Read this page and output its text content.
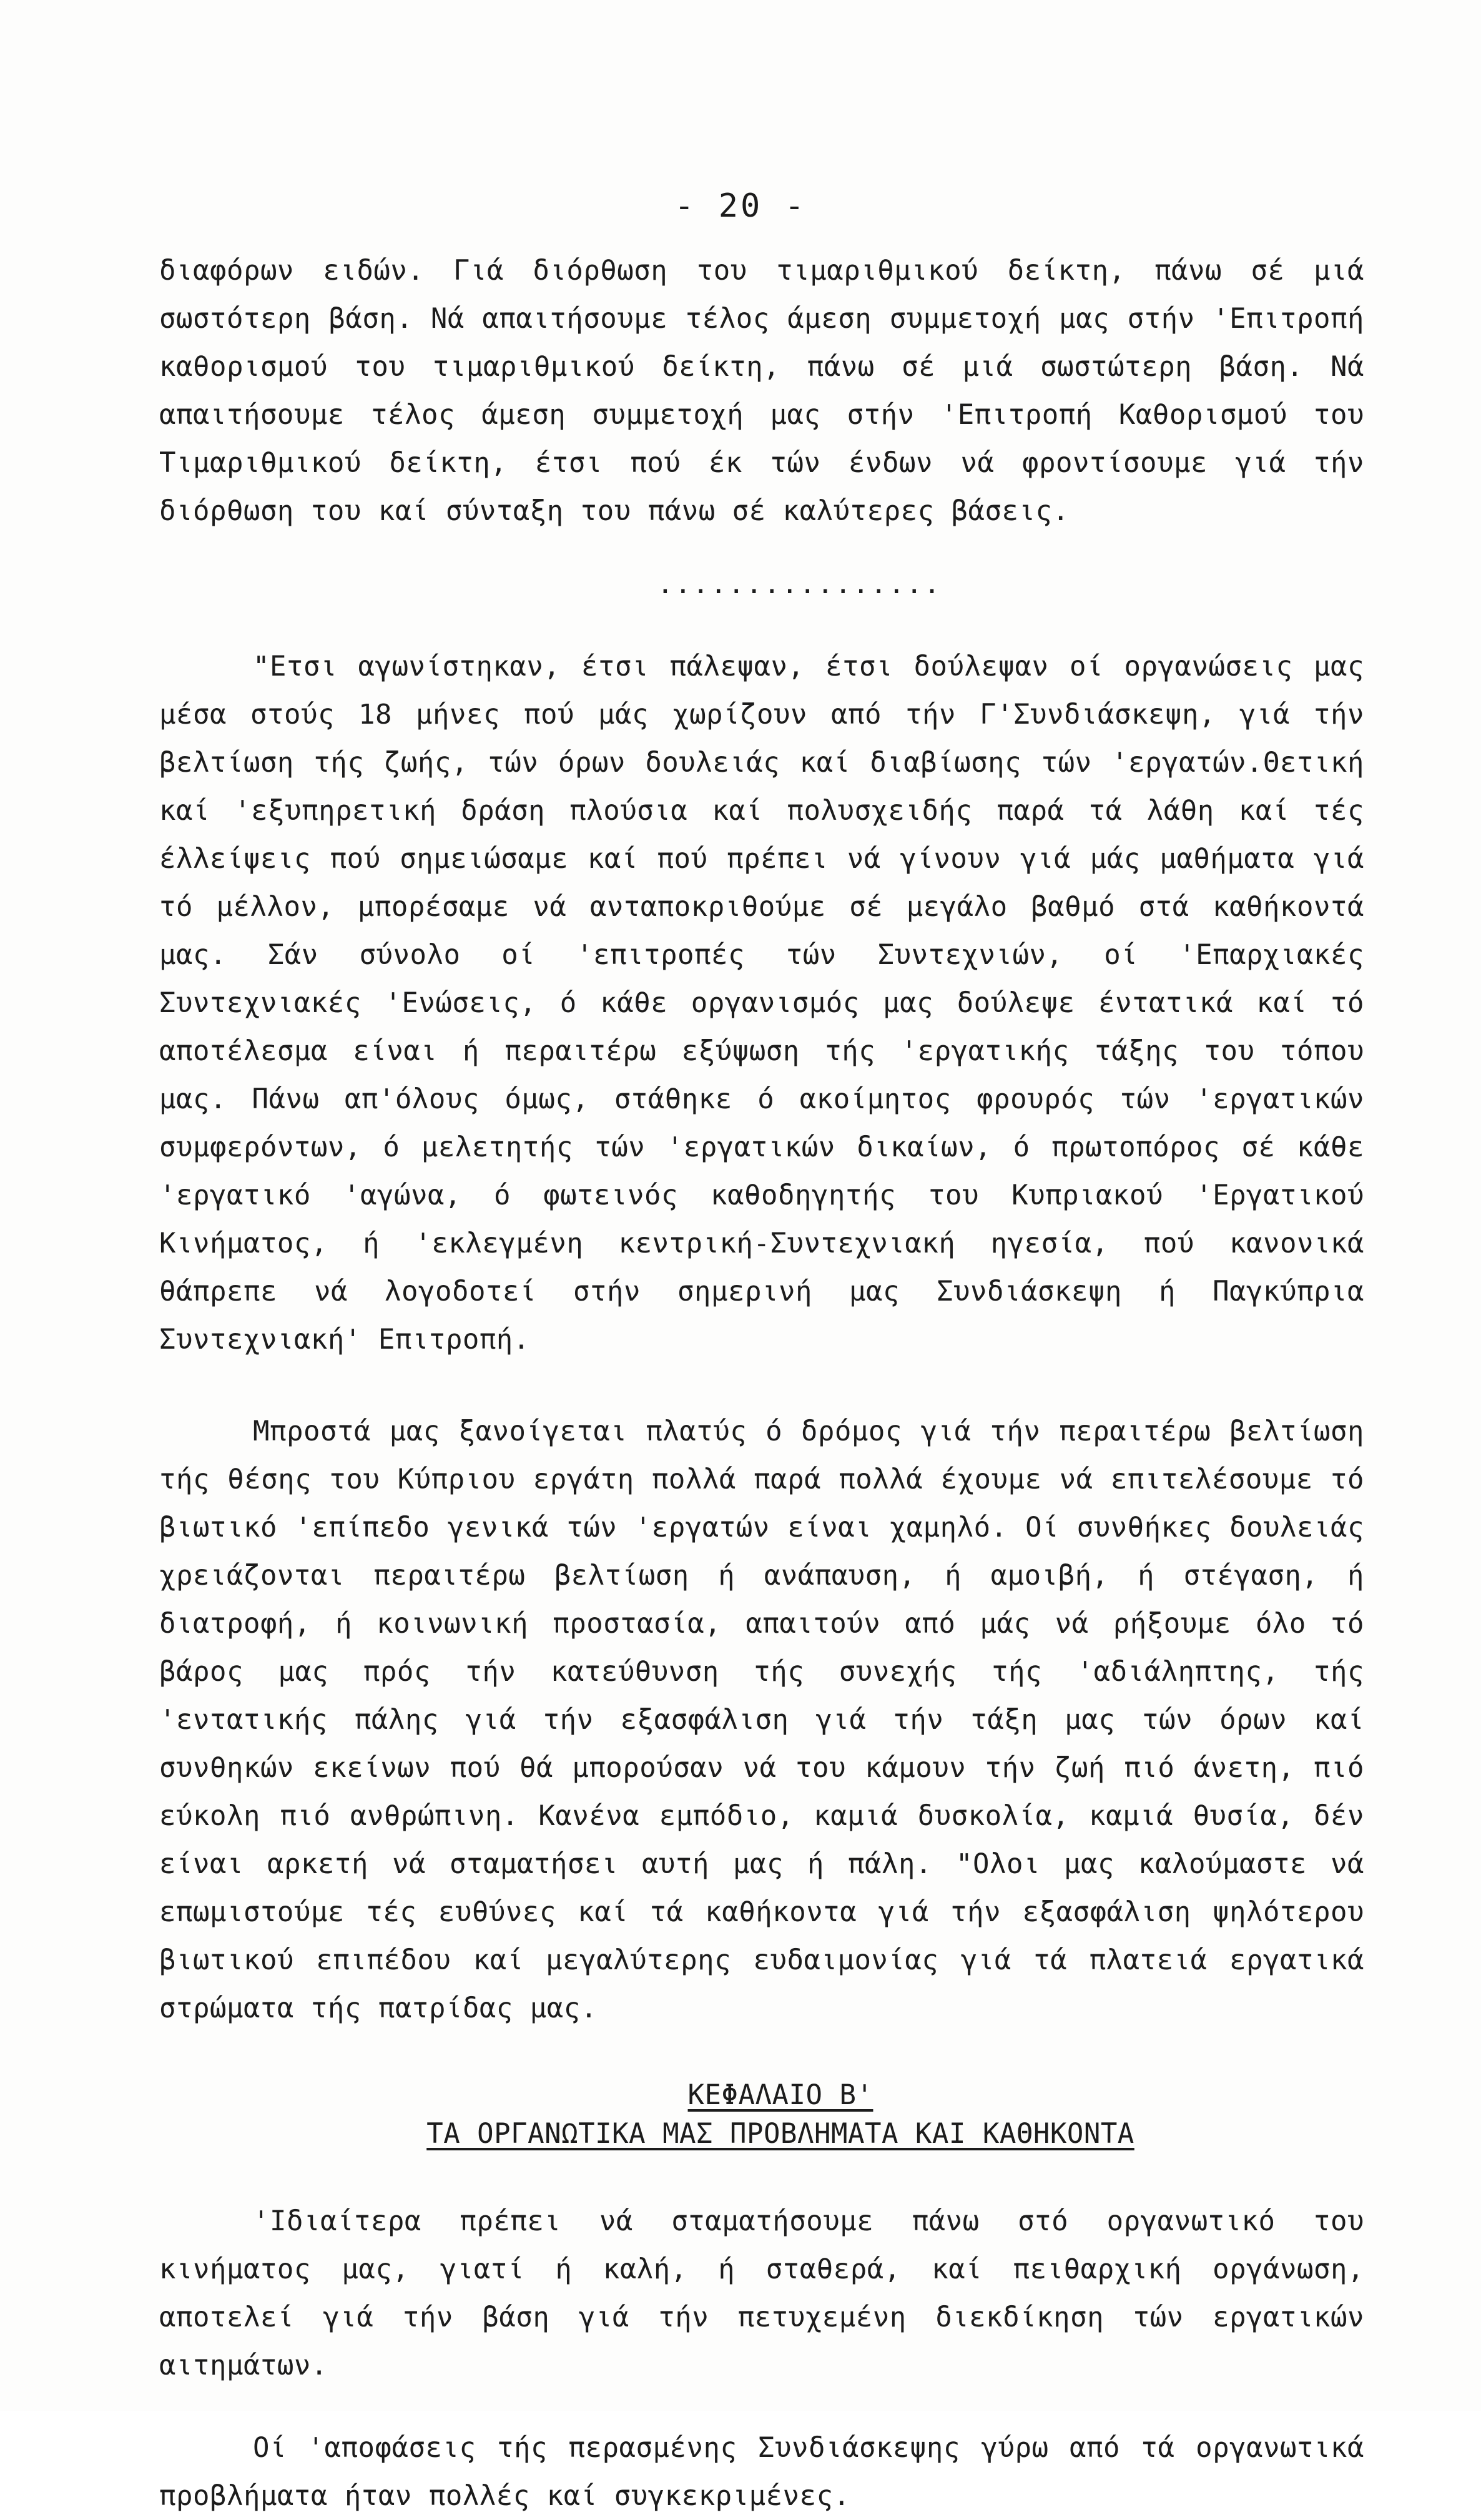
- 20 -

διαφόρων ειδών. Γιά διόρθωση του τιμαριθμικού δείκτη, πάνω σέ μιά σωστότερη βάση. Νά απαιτήσουμε τέλος άμεση συμμετοχή μας στήν 'Επιτροπή καθορισμού του τιμαριθμικού δείκτη, πάνω σέ μιά σωστώτερη βάση. Νά απαιτήσουμε τέλος άμεση συμμετοχή μας στήν 'Επιτροπή Καθορισμού του Τιμαριθμικού δείκτη, έτσι πού έκ τών ένδων νά φροντίσουμε γιά τήν διόρθωση του καί σύνταξη του πάνω σέ καλύτερες βάσεις.

................

"Ετσι αγωνίστηκαν, έτσι πάλεψαν, έτσι δούλεψαν οί οργανώσεις μας μέσα στούς 18 μήνες πού μάς χωρίζουν από τήν Γ'Συνδιάσκεψη, γιά τήν βελτίωση τής ζωής, τών όρων δουλειάς καί διαβίωσης τών 'εργατών.Θετική καί 'εξυπηρετική δράση πλούσια καί πολυσχειδής παρά τά λάθη καί τές έλλείψεις πού σημειώσαμε καί πού πρέπει νά γίνουν γιά μάς μαθήματα γιά τό μέλλον, μπορέσαμε νά ανταποκριθούμε σέ μεγάλο βαθμό στά καθήκοντά μας. Σάν σύνολο οί 'επιτροπές τών Συντεχνιών, οί 'Επαρχιακές Συντεχνιακές 'Ενώσεις, ό κάθε οργανισμός μας δούλεψε έντατικά καί τό αποτέλεσμα είναι ή περαιτέρω εξύψωση τής 'εργατικής τάξης του τόπου μας. Πάνω απ'όλους όμως, στάθηκε ό ακοίμητος φρουρός τών 'εργατικών συμφερόντων, ό μελετητής τών 'εργατικών δικαίων, ό πρωτοπόρος σέ κάθε 'εργατικό 'αγώνα, ό φωτεινός καθοδηγητής του Κυπριακού 'Εργατικού Κινήματος, ή 'εκλεγμένη κεντρική-Συντεχνιακή ηγεσία, πού κανονικά θάπρεπε νά λογοδοτεί στήν σημερινή μας Συνδιάσκεψη ή Παγκύπρια Συντεχνιακή' Επιτροπή.

Μπροστά μας ξανοίγεται πλατύς ό δρόμος γιά τήν περαιτέρω βελτίωση τής θέσης του Κύπριου εργάτη πολλά παρά πολλά έχουμε νά επιτελέσουμε τό βιωτικό 'επίπεδο γενικά τών 'εργατών είναι χαμηλό. Οί συνθήκες δουλειάς χρειάζονται περαιτέρω βελτίωση ή ανάπαυση, ή αμοιβή, ή στέγαση, ή διατροφή, ή κοινωνική προστασία, απαιτούν από μάς νά ρήξουμε όλο τό βάρος μας πρός τήν κατεύθυνση τής συνεχής τής 'αδιάληπτης, τής 'εντατικής πάλης γιά τήν εξασφάλιση γιά τήν τάξη μας τών όρων καί συνθηκών εκείνων πού θά μπορούσαν νά του κάμουν τήν ζωή πιό άνετη, πιό εύκολη πιό ανθρώπινη. Κανένα εμπόδιο, καμιά δυσκολία, καμιά θυσία, δέν είναι αρκετή νά σταματήσει αυτή μας ή πάλη. "Ολοι μας καλούμαστε νά επωμιστούμε τές ευθύνες καί τά καθήκοντα γιά τήν εξασφάλιση ψηλότερου βιωτικού επιπέδου καί μεγαλύτερης ευδαιμονίας γιά τά πλατειά εργατικά στρώματα τής πατρίδας μας.

ΚΕΦΑΛΑΙΟ Β'
ΤΑ ΟΡΓΑΝΩΤΙΚΑ ΜΑΣ ΠΡΟΒΛΗΜΑΤΑ ΚΑΙ ΚΑΘΗΚΟΝΤΑ

'Ιδιαίτερα πρέπει νά σταματήσουμε πάνω στό οργανωτικό του κινήματος μας, γιατί ή καλή, ή σταθερά, καί πειθαρχική οργάνωση, αποτελεί γιά τήν βάση γιά τήν πετυχεμένη διεκδίκηση τών εργατικών αιτημάτων.

Οί 'αποφάσεις τής περασμένης Συνδιάσκεψης γύρω από τά οργανωτικά προβλήματα ήταν πολλές καί συγκεκριμένες.
